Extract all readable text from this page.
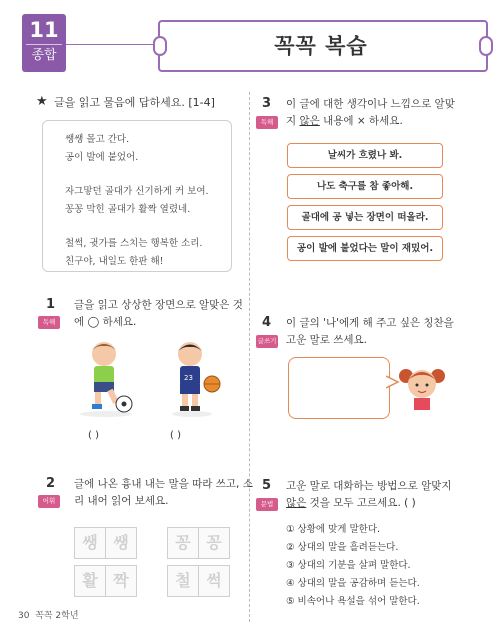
11
종합	꼭꼭 복습
★ 글을 읽고 물음에 답하세요. [1-4]
쌩쌩 몰고 간다.
공이 발에 붙었어.
자그맣던 골대가 신기하게 커 보여.
꽁꽁 막힌 골대가 활짝 열렸네.
철썩, 귓가를 스치는 행복한 소리.
친구야, 내일도 한판 해!
1
독해
글을 읽고 상상한 장면으로 알맞은 것
에 ◯ 하세요.
23
( )	( )
2
어휘
글에 나온 흉내 내는 말을 따라 쓰고, 소
리 내어 읽어 보세요.
쌩 쌩	꽁 꽁
활 짝	철 썩
3
독해
이 글에 대한 생각이나 느낌으로 알맞
지 않은 내용에 × 하세요.
날씨가 흐렸나 봐.
나도 축구를 참 좋아해.
골대에 공 넣는 장면이 떠올라.
공이 발에 붙었다는 말이 재밌어.
4
글쓰기
이 글의 '나'에게 해 주고 싶은 칭찬을
고운 말로 쓰세요.
5
문법
고운 말로 대화하는 방법으로 알맞지
않은 것을 모두 고르세요. ( )
① 상황에 맞게 말한다.
② 상대의 말을 흘려듣는다.
③ 상대의 기분을 살펴 말한다.
④ 상대의 말을 공감하며 듣는다.
⑤ 비속어나 욕설을 섞어 말한다.
30 꼭꼭 2학년
